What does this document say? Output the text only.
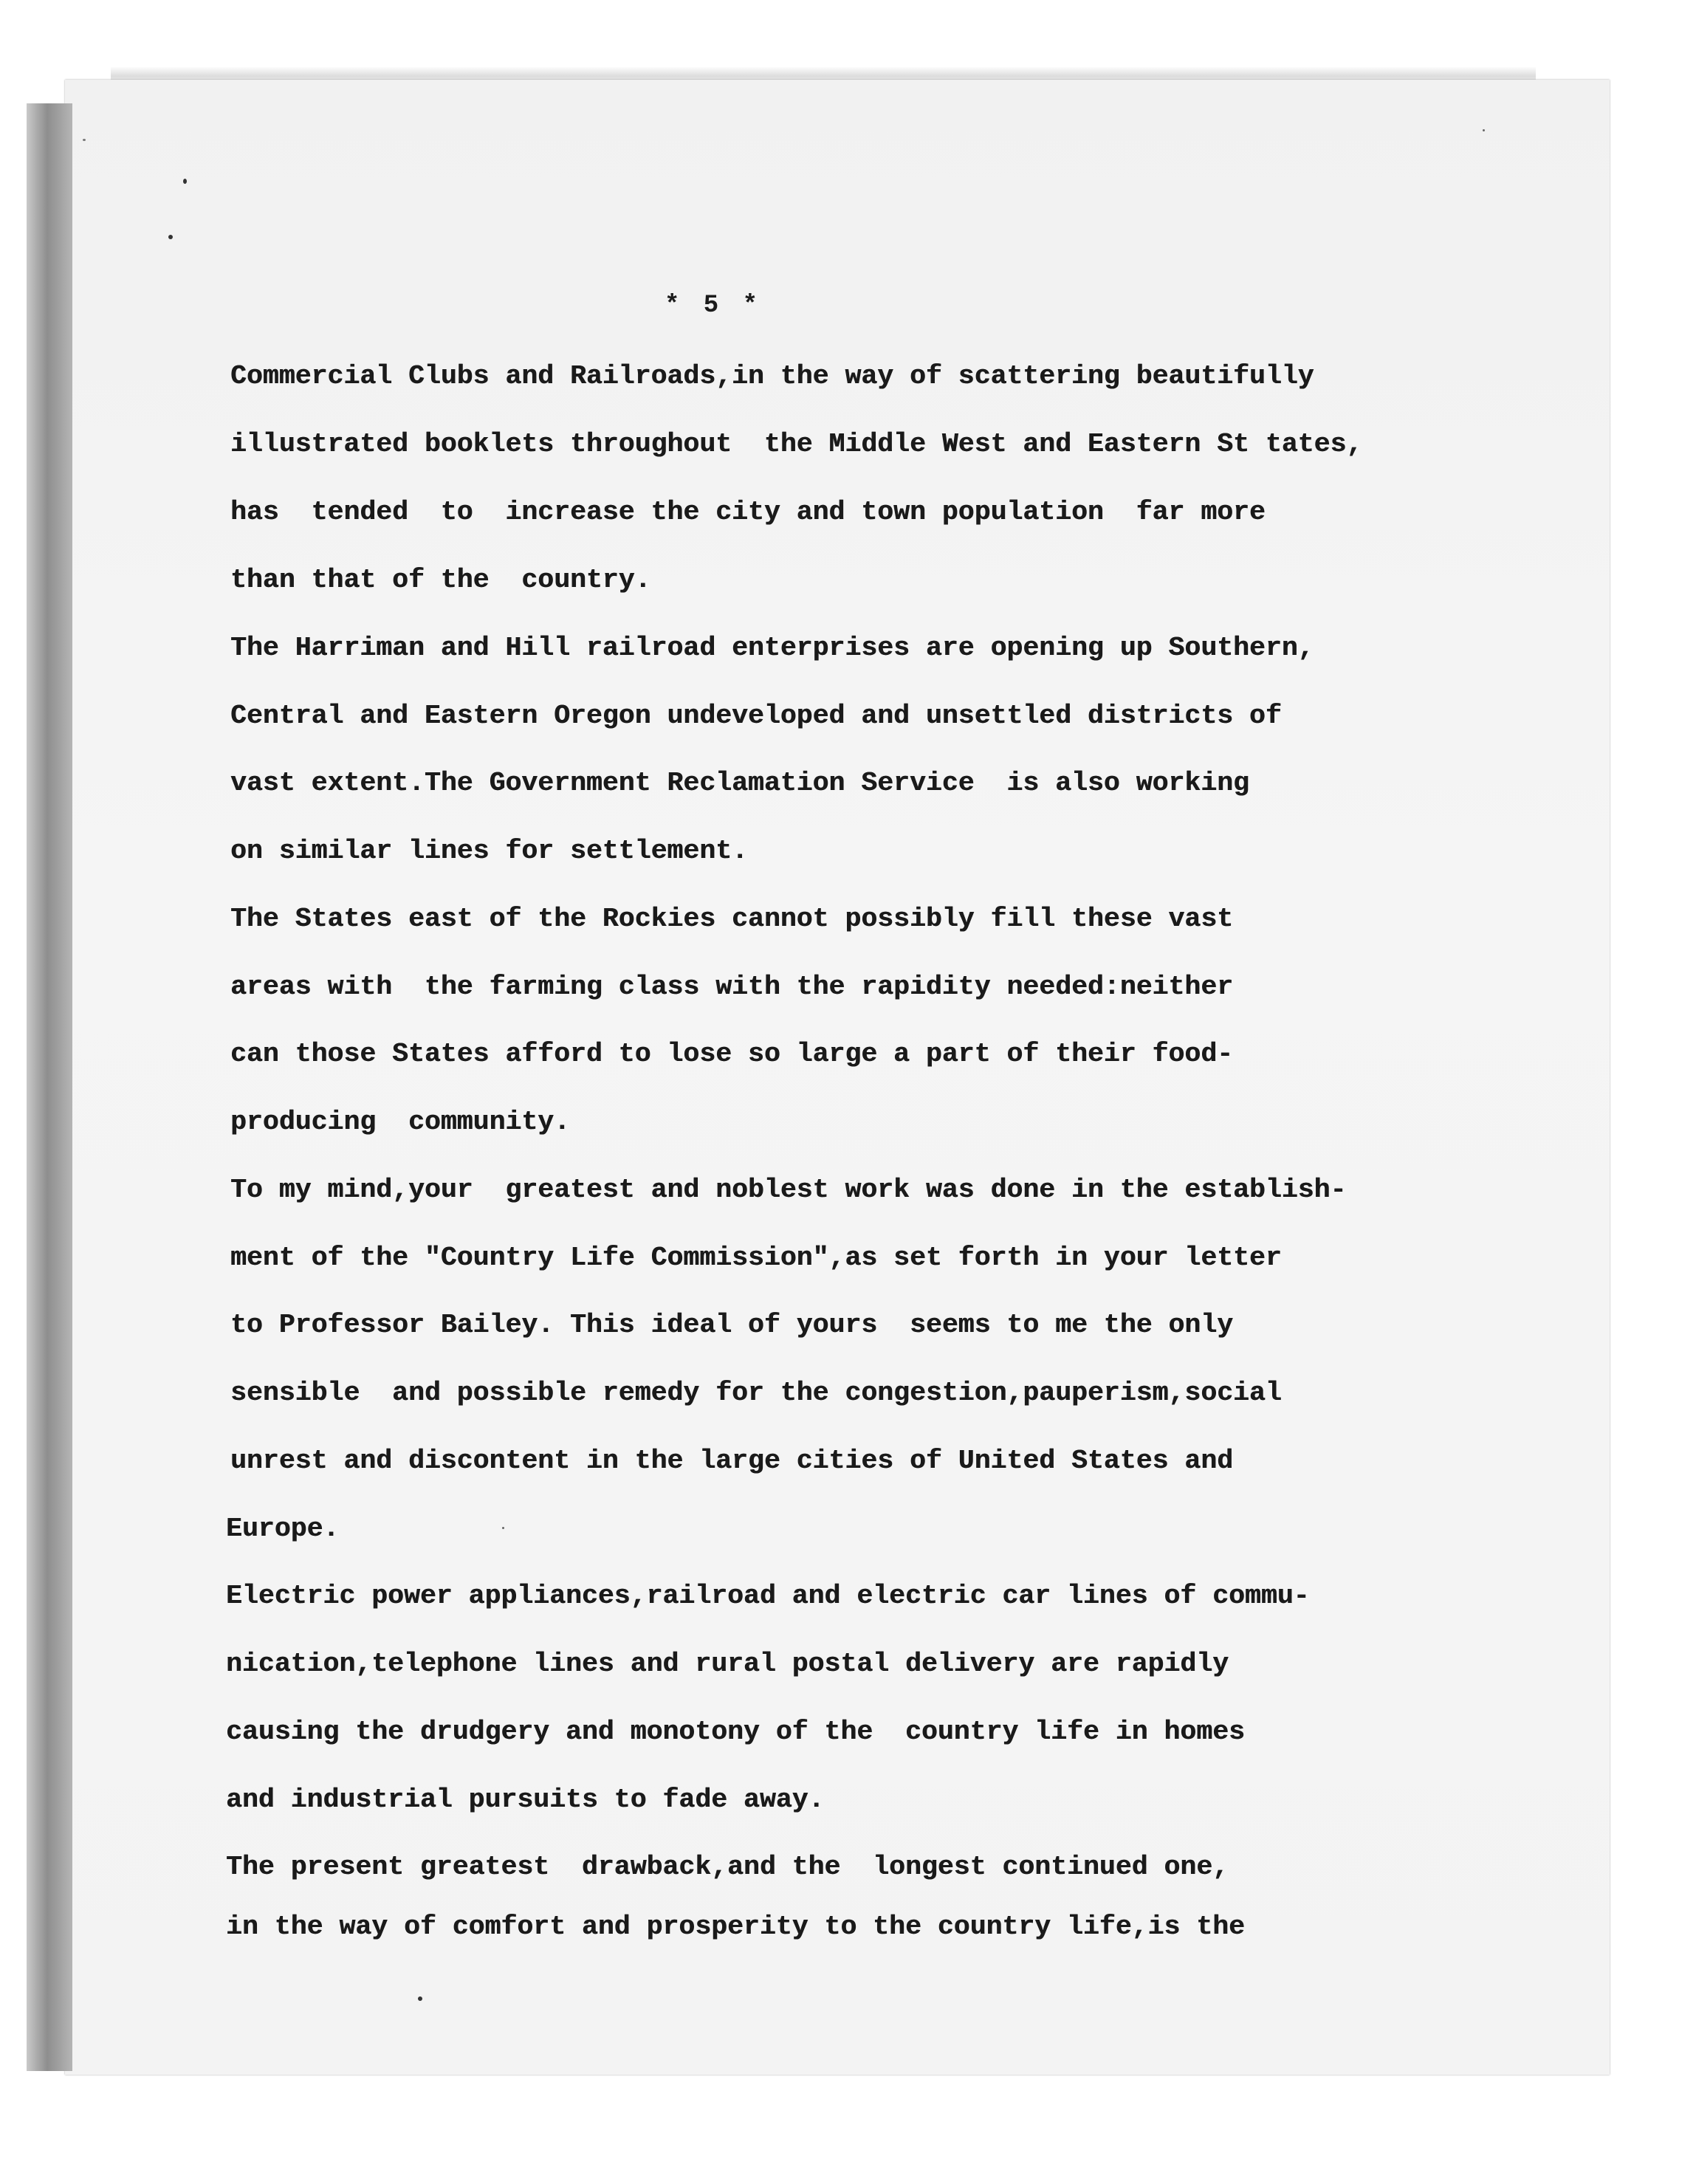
* 5 *
Commercial Clubs and Railroads,in the way of scattering beautifully
illustrated booklets throughout  the Middle West and Eastern St tates,
has  tended  to  increase the city and town population  far more
than that of the  country.
The Harriman and Hill railroad enterprises are opening up Southern,
Central and Eastern Oregon undeveloped and unsettled districts of
vast extent.The Government Reclamation Service  is also working
on similar lines for settlement.
The States east of the Rockies cannot possibly fill these vast
areas with  the farming class with the rapidity needed:neither
can those States afford to lose so large a part of their food-
producing  community.
To my mind,your  greatest and noblest work was done in the establish-
ment of the "Country Life Commission",as set forth in your letter
to Professor Bailey. This ideal of yours  seems to me the only
sensible  and possible remedy for the congestion,pauperism,social
unrest and discontent in the large cities of United States and
Europe.
Electric power appliances,railroad and electric car lines of commu-
nication,telephone lines and rural postal delivery are rapidly
causing the drudgery and monotony of the  country life in homes
and industrial pursuits to fade away.
The present greatest  drawback,and the  longest continued one,
in the way of comfort and prosperity to the country life,is the
